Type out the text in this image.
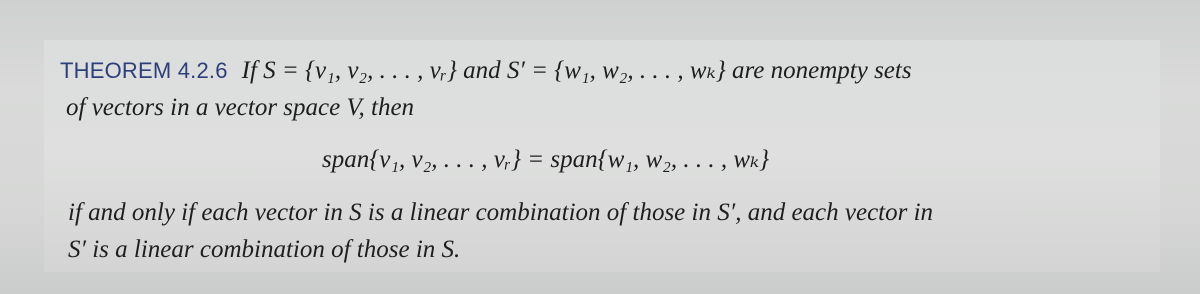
THEOREM 4.2.6 If S = {v₁, v₂, . . . , vᵣ} and S′ = {w₁, w₂, . . . , wₖ} are nonempty sets
of vectors in a vector space V, then
span{v₁, v₂, . . . , vᵣ} = span{w₁, w₂, . . . , wₖ}
if and only if each vector in S is a linear combination of those in S′, and each vector in
S′ is a linear combination of those in S.
